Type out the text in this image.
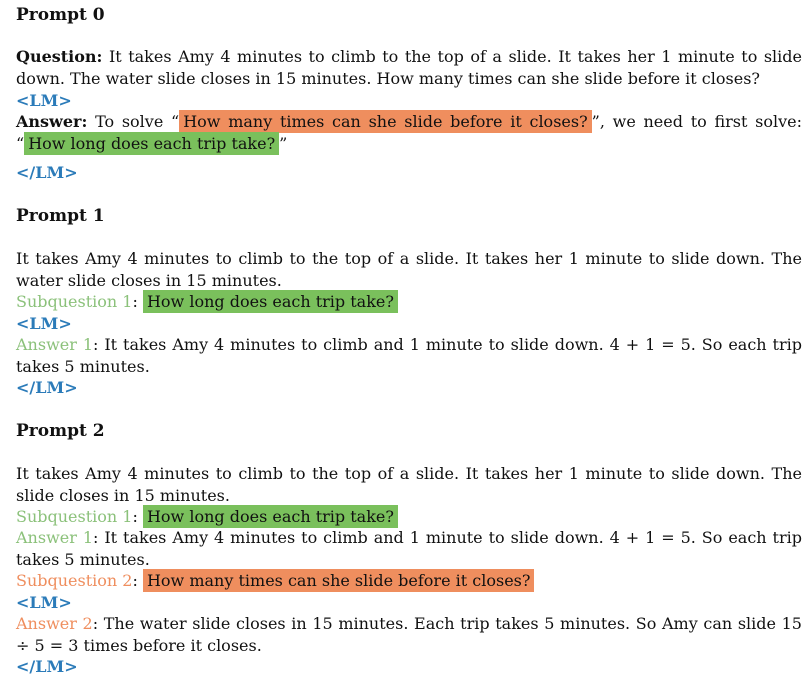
Prompt 0
Question: It takes Amy 4 minutes to climb to the top of a slide. It takes her 1 minute to slide down. The water slide closes in 15 minutes. How many times can she slide before it closes?
<LM>
Answer: To solve “ How many times can she slide before it closes? ”, we need to first solve: “ How long does each trip take? ”
</LM>
Prompt 1
It takes Amy 4 minutes to climb to the top of a slide. It takes her 1 minute to slide down. The water slide closes in 15 minutes.
Subquestion 1: How long does each trip take?
<LM>
Answer 1: It takes Amy 4 minutes to climb and 1 minute to slide down. 4 + 1 = 5. So each trip takes 5 minutes.
</LM>
Prompt 2
It takes Amy 4 minutes to climb to the top of a slide. It takes her 1 minute to slide down. The slide closes in 15 minutes.
Subquestion 1: How long does each trip take?
Answer 1: It takes Amy 4 minutes to climb and 1 minute to slide down. 4 + 1 = 5. So each trip takes 5 minutes.
Subquestion 2: How many times can she slide before it closes?
<LM>
Answer 2: The water slide closes in 15 minutes. Each trip takes 5 minutes. So Amy can slide 15 ÷ 5 = 3 times before it closes.
</LM>
